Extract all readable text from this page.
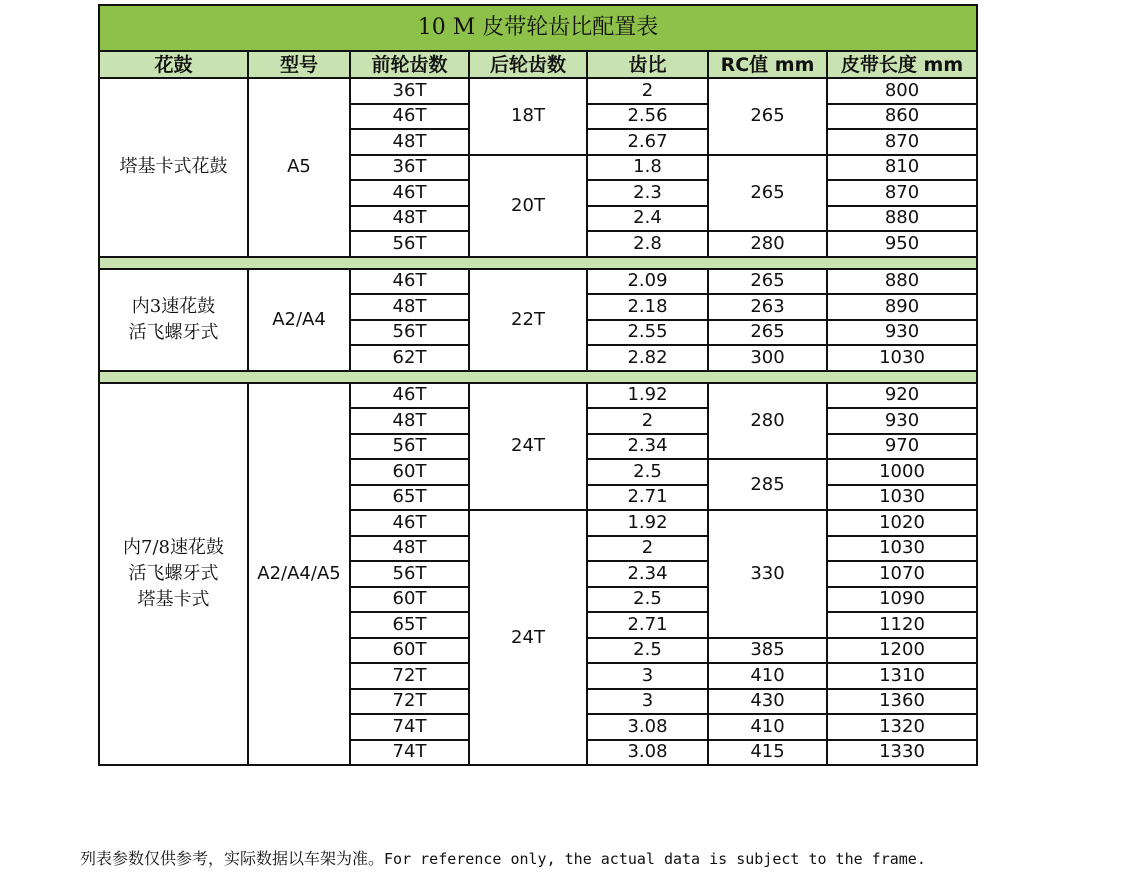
10 M 皮带轮齿比配置表						
花鼓	型号	前轮齿数	后轮齿数	齿比	RC值 mm	皮带长度 mm

塔基卡式花鼓	A5	36T	18T	2	265	800
		46T		2.56		860
		48T		2.67		870
		36T	20T	1.8	265	810
		46T		2.3		870
		48T		2.4		880
		56T		2.8	280	950

内3速花鼓
活飞螺牙式	A2/A4	46T	22T	2.09	265	880
		48T		2.18	263	890
		56T		2.55	265	930
		62T		2.82	300	1030

内7/8速花鼓
活飞螺牙式
塔基卡式	A2/A4/A5	46T	24T	1.92	280	920
		48T		2		930
		56T		2.34		970
		60T		2.5	285	1000
		65T		2.71		1030
		46T	24T	1.92	330	1020
		48T		2		1030
		56T		2.34		1070
		60T		2.5		1090
		65T		2.71		1120
		60T		2.5	385	1200
		72T		3	410	1310
		72T		3	430	1360
		74T		3.08	410	1320
		74T		3.08	415	1330
列表参数仅供参考，实际数据以车架为准。For reference only, the actual data is subject to the frame.
